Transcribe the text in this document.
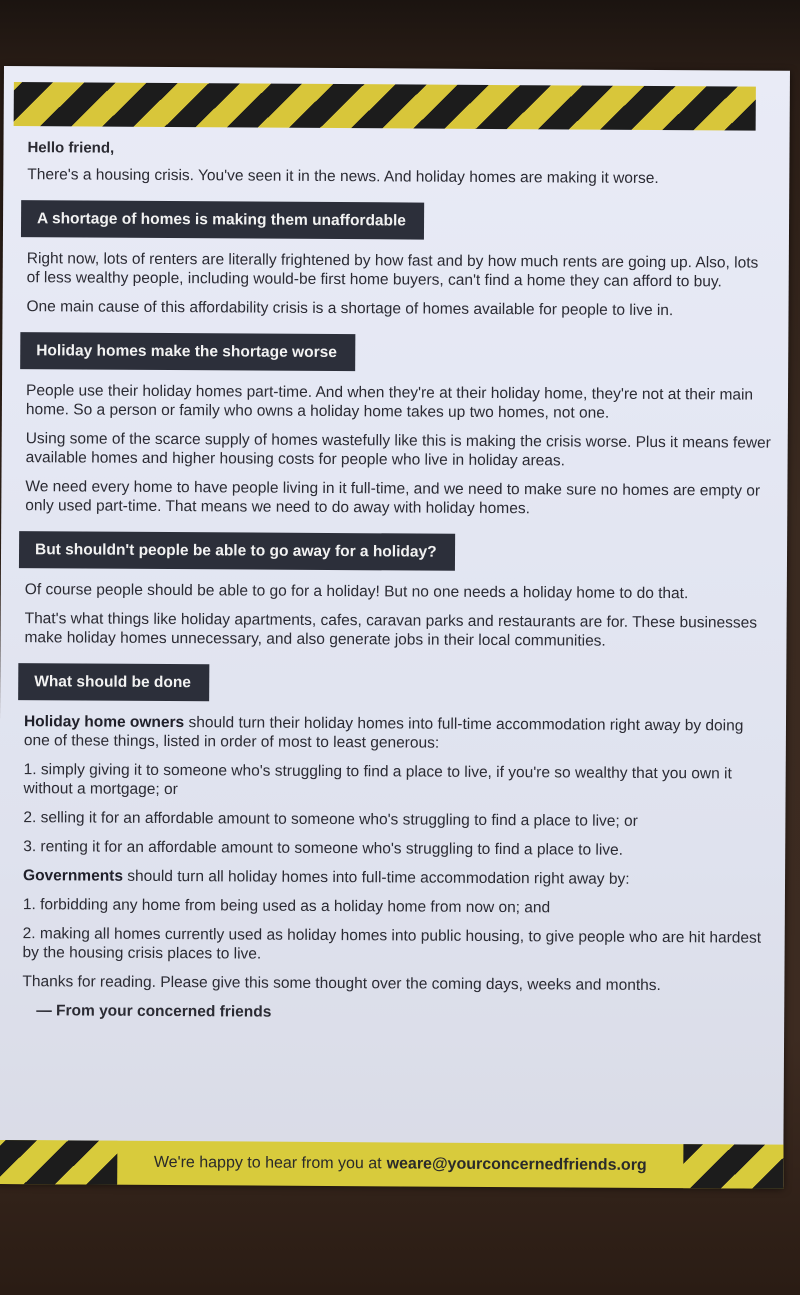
Hello friend,

There's a housing crisis. You've seen it in the news. And holiday homes are making it worse.

A shortage of homes is making them unaffordable

Right now, lots of renters are literally frightened by how fast and by how much rents are going up. Also, lots of less wealthy people, including would-be first home buyers, can't find a home they can afford to buy.

One main cause of this affordability crisis is a shortage of homes available for people to live in.

Holiday homes make the shortage worse

People use their holiday homes part-time. And when they're at their holiday home, they're not at their main home. So a person or family who owns a holiday home takes up two homes, not one.

Using some of the scarce supply of homes wastefully like this is making the crisis worse. Plus it means fewer available homes and higher housing costs for people who live in holiday areas.

We need every home to have people living in it full-time, and we need to make sure no homes are empty or only used part-time. That means we need to do away with holiday homes.

But shouldn't people be able to go away for a holiday?

Of course people should be able to go for a holiday! But no one needs a holiday home to do that.

That's what things like holiday apartments, cafes, caravan parks and restaurants are for. These businesses make holiday homes unnecessary, and also generate jobs in their local communities.

What should be done

Holiday home owners should turn their holiday homes into full-time accommodation right away by doing one of these things, listed in order of most to least generous:

1. simply giving it to someone who's struggling to find a place to live, if you're so wealthy that you own it without a mortgage; or

2. selling it for an affordable amount to someone who's struggling to find a place to live; or

3. renting it for an affordable amount to someone who's struggling to find a place to live.

Governments should turn all holiday homes into full-time accommodation right away by:

1. forbidding any home from being used as a holiday home from now on; and

2. making all homes currently used as holiday homes into public housing, to give people who are hit hardest by the housing crisis places to live.

Thanks for reading. Please give this some thought over the coming days, weeks and months.

— From your concerned friends
We're happy to hear from you at weare@yourconcernedfriends.org
